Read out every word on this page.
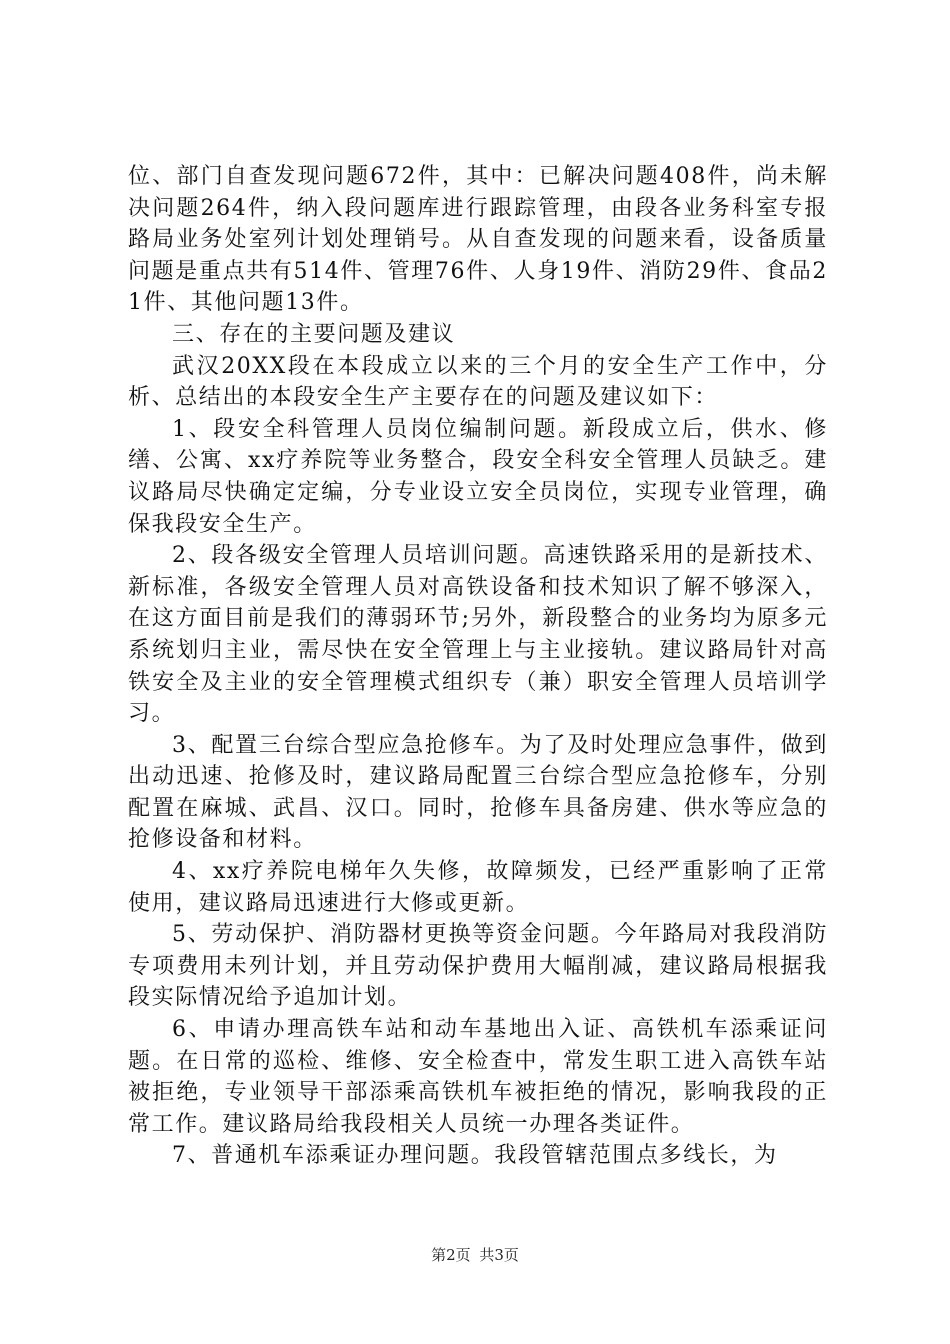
位、部门自查发现问题672件，其中：已解决问题408件，尚未解决问题264件，纳入段问题库进行跟踪管理，由段各业务科室专报路局业务处室列计划处理销号。从自查发现的问题来看，设备质量问题是重点共有514件、管理76件、人身19件、消防29件、食品21件、其他问题13件。

三、存在的主要问题及建议

武汉20XX段在本段成立以来的三个月的安全生产工作中，分析、总结出的本段安全生产主要存在的问题及建议如下：

1、段安全科管理人员岗位编制问题。新段成立后，供水、修缮、公寓、xx疗养院等业务整合，段安全科安全管理人员缺乏。建议路局尽快确定定编，分专业设立安全员岗位，实现专业管理，确保我段安全生产。

2、段各级安全管理人员培训问题。高速铁路采用的是新技术、新标准，各级安全管理人员对高铁设备和技术知识了解不够深入，在这方面目前是我们的薄弱环节;另外，新段整合的业务均为原多元系统划归主业，需尽快在安全管理上与主业接轨。建议路局针对高铁安全及主业的安全管理模式组织专（兼）职安全管理人员培训学习。

3、配置三台综合型应急抢修车。为了及时处理应急事件，做到出动迅速、抢修及时，建议路局配置三台综合型应急抢修车，分别配置在麻城、武昌、汉口。同时，抢修车具备房建、供水等应急的抢修设备和材料。

4、xx疗养院电梯年久失修，故障频发，已经严重影响了正常使用，建议路局迅速进行大修或更新。

5、劳动保护、消防器材更换等资金问题。今年路局对我段消防专项费用未列计划，并且劳动保护费用大幅削减，建议路局根据我段实际情况给予追加计划。

6、申请办理高铁车站和动车基地出入证、高铁机车添乘证问题。在日常的巡检、维修、安全检查中，常发生职工进入高铁车站被拒绝，专业领导干部添乘高铁机车被拒绝的情况，影响我段的正常工作。建议路局给我段相关人员统一办理各类证件。

7、普通机车添乘证办理问题。我段管辖范围点多线长，为

第2页 共3页
